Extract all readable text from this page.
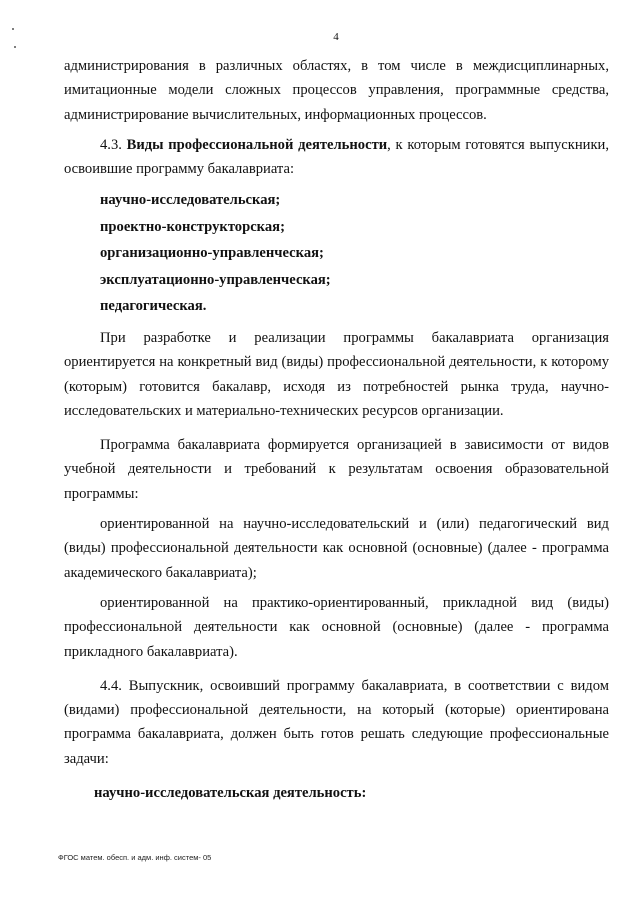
4

администрирования в различных областях, в том числе в междисциплинарных, имитационные модели сложных процессов управления, программные средства, администрирование вычислительных, информационных процессов.

4.3. Виды профессиональной деятельности, к которым готовятся выпускники, освоившие программу бакалавриата:

научно-исследовательская;

проектно-конструкторская;

организационно-управленческая;

эксплуатационно-управленческая;

педагогическая.

При разработке и реализации программы бакалавриата организация ориентируется на конкретный вид (виды) профессиональной деятельности, к которому (которым) готовится бакалавр, исходя из потребностей рынка труда, научно-исследовательских и материально-технических ресурсов организации.

Программа бакалавриата формируется организацией в зависимости от видов учебной деятельности и требований к результатам освоения образовательной программы:

ориентированной на научно-исследовательский и (или) педагогический вид (виды) профессиональной деятельности как основной (основные) (далее - программа академического бакалавриата);

ориентированной на практико-ориентированный, прикладной вид (виды) профессиональной деятельности как основной (основные) (далее - программа прикладного бакалавриата).

4.4. Выпускник, освоивший программу бакалавриата, в соответствии с видом (видами) профессиональной деятельности, на который (которые) ориентирована программа бакалавриата, должен быть готов решать следующие профессиональные задачи:

научно-исследовательская деятельность:

ФГОС матем. обесп. и адм. инф. систем- 05
